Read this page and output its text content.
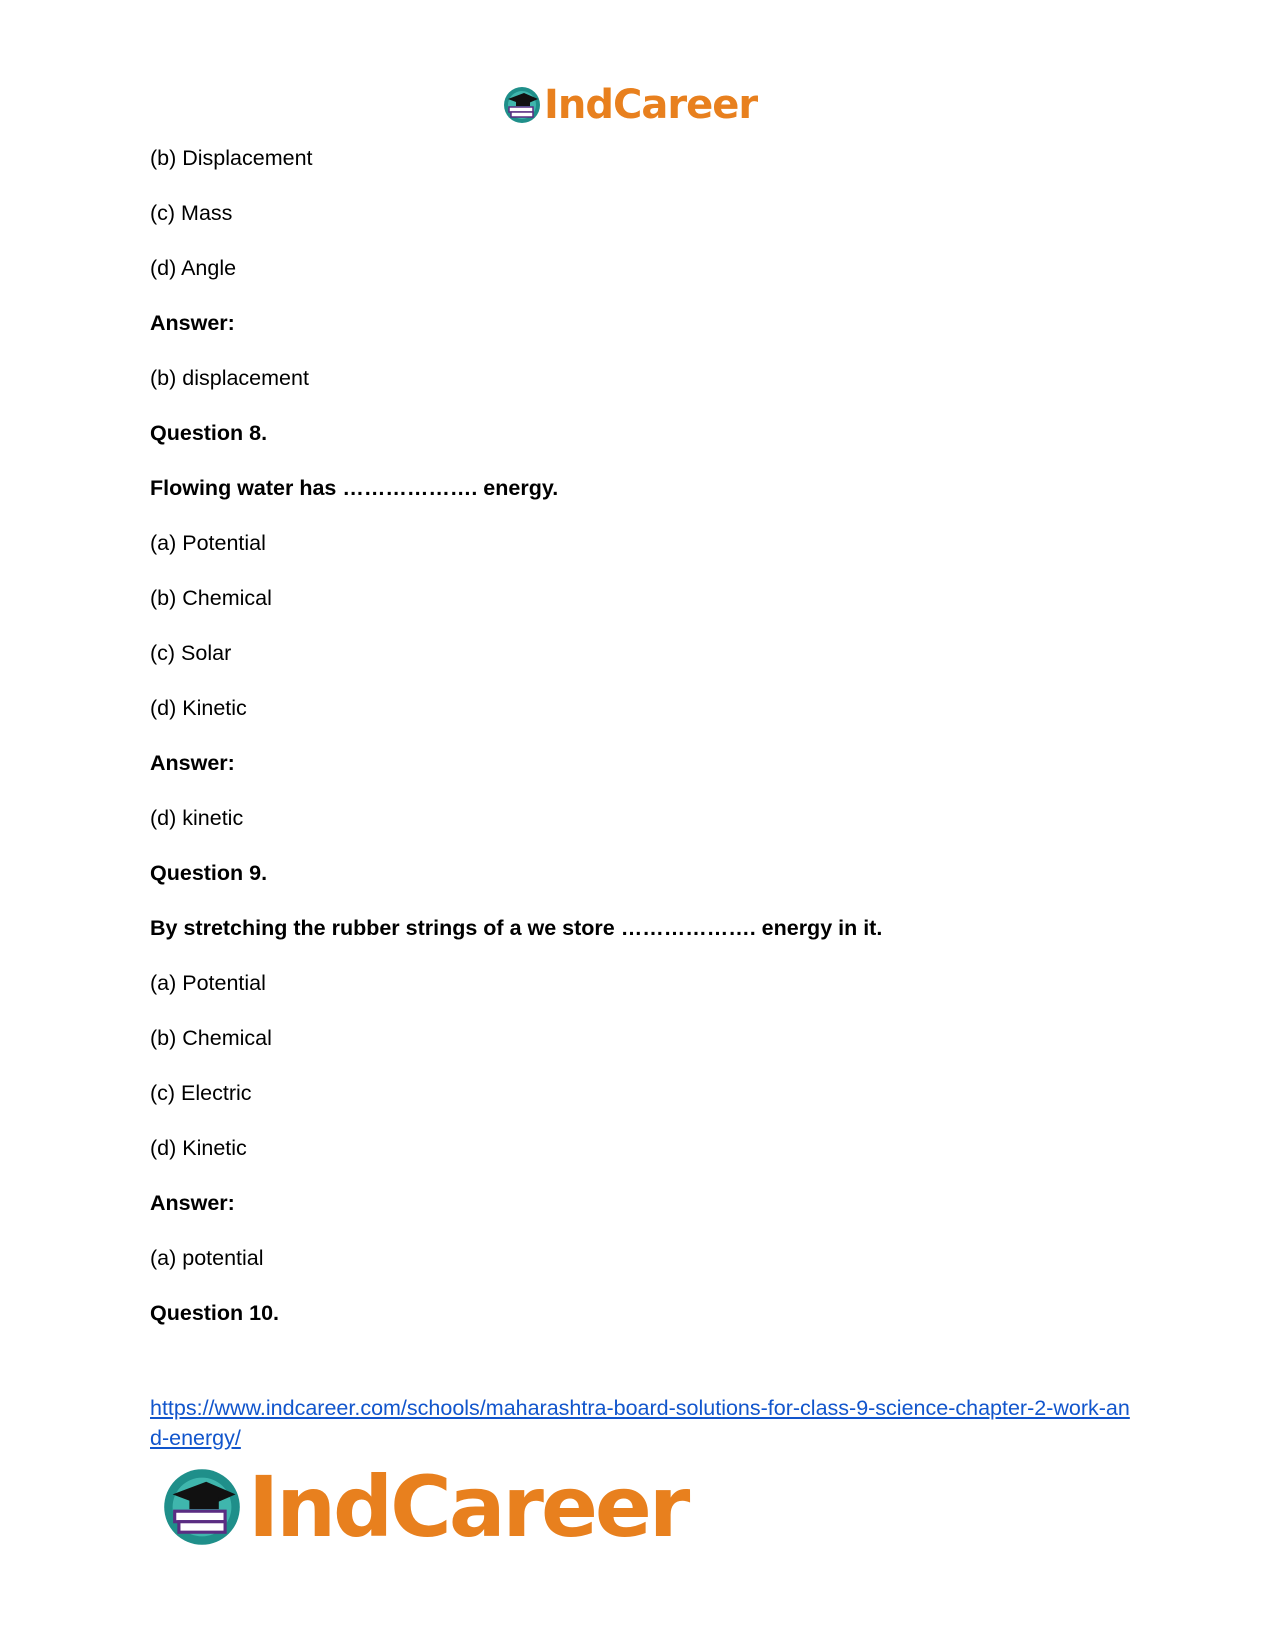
IndCareer
(b) Displacement
(c) Mass
(d) Angle
Answer:
(b) displacement
Question 8.
Flowing water has ………………. energy.
(a) Potential
(b) Chemical
(c) Solar
(d) Kinetic
Answer:
(d) kinetic
Question 9.
By stretching the rubber strings of a we store ………………. energy in it.
(a) Potential
(b) Chemical
(c) Electric
(d) Kinetic
Answer:
(a) potential
Question 10.
https://www.indcareer.com/schools/maharashtra-board-solutions-for-class-9-science-chapter-2-work-and-energy/
IndCareer
